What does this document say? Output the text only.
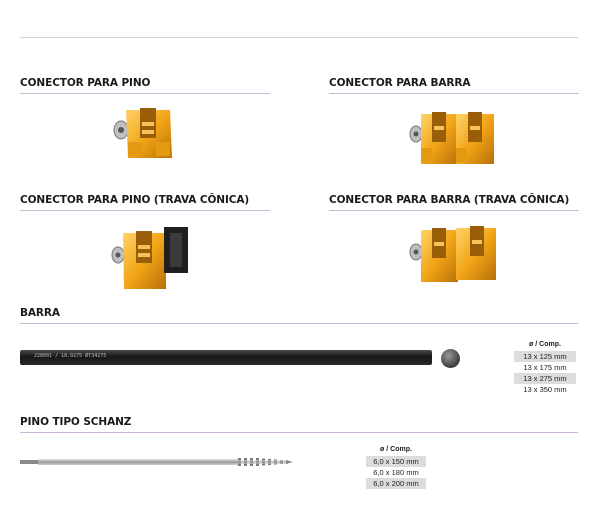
CONECTOR PARA PINO	CONECTOR PARA BARRA
CONECTOR PARA PINO (TRAVA CÔNICA)	CONECTOR PARA BARRA (TRAVA CÔNICA)
BARRA
228001 / 18.0275 ØT34275
ø / Comp.
13 x 125 mm
13 x 175 mm
13 x 275 mm
13 x 350 mm
PINO TIPO SCHANZ
ø / Comp.
6,0 x 150 mm
6,0 x 180 mm
6,0 x 200 mm
